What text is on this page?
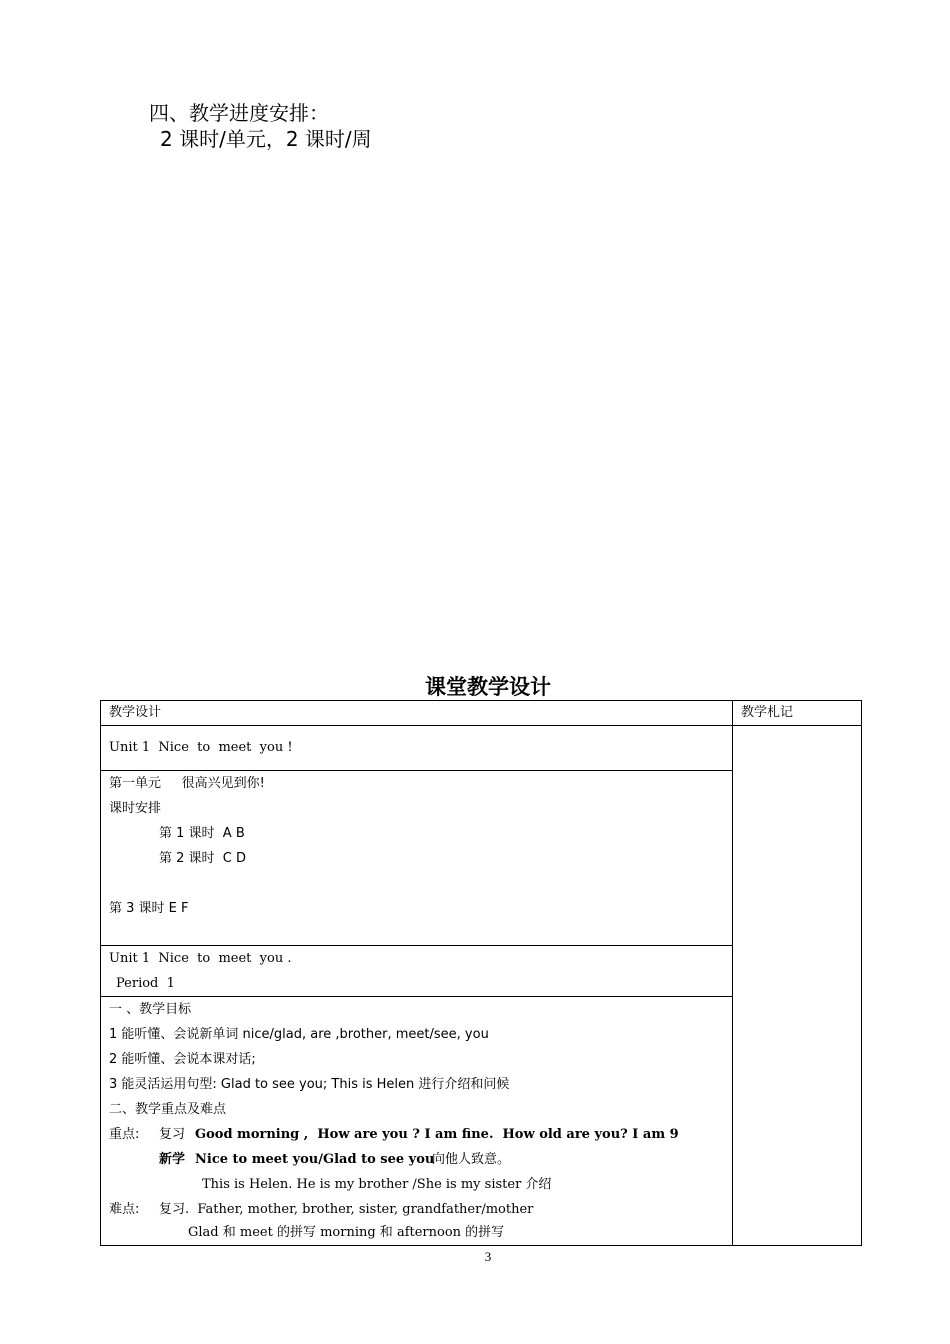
四、教学进度安排：
2 课时/单元，2 课时/周
课堂教学设计
教学设计	教学札记
Unit 1  Nice  to  meet  you !
第一单元     很高兴见到你!
课时安排
第 1 课时  A B
第 2 课时  C D
第 3 课时 E F
Unit 1  Nice  to  meet  you .
Period  1
一 、教学目标
1 能听懂、会说新单词 nice/glad, are ,brother, meet/see, you
2 能听懂、会说本课对话;
3 能灵活运用句型: Glad to see you; This is Helen 进行介绍和问候
二、教学重点及难点
重点: 复习 Good morning ,  How are you ? I am fine.  How old are you? I am 9
新学 Nice to meet you/Glad to see you
向他人致意。
This is Helen. He is my brother /She is my sister 介绍
难点: 复习.  Father, mother, brother, sister, grandfather/mother
Glad 和 meet 的拼写 morning 和 afternoon 的拼写
3
